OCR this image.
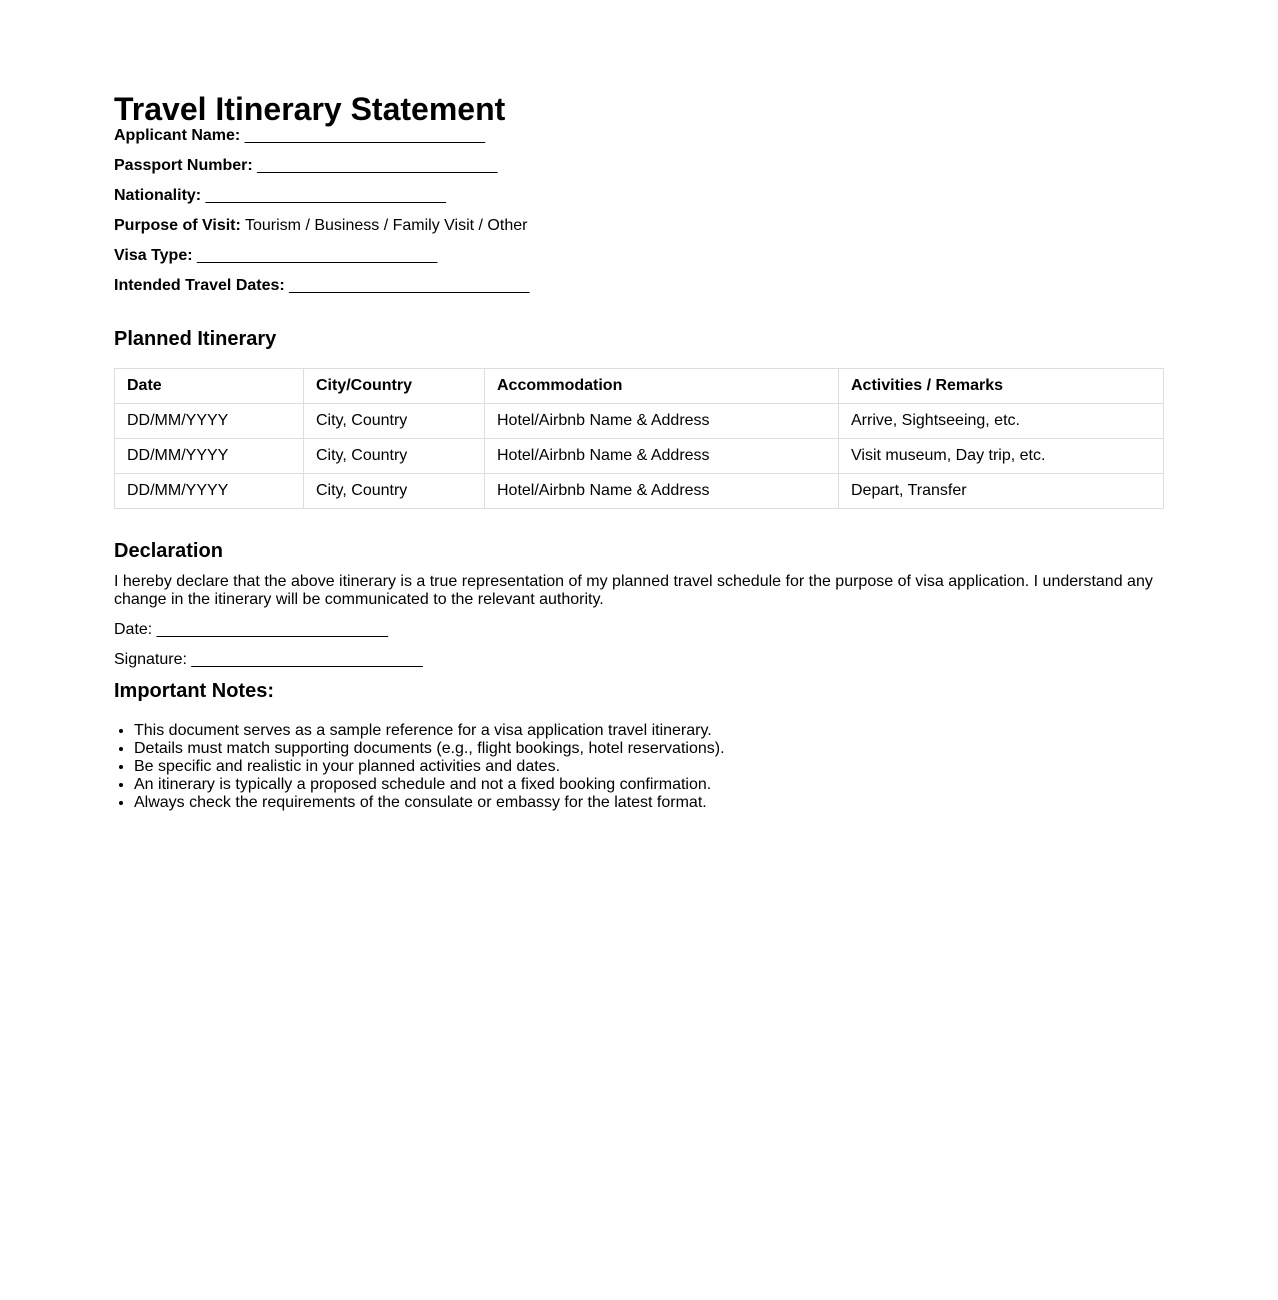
Travel Itinerary Statement
Applicant Name: ___________________________
Passport Number: ___________________________
Nationality: ___________________________
Purpose of Visit: Tourism / Business / Family Visit / Other
Visa Type: ___________________________
Intended Travel Dates: ___________________________
Planned Itinerary
Date	City/Country	Accommodation	Activities / Remarks
DD/MM/YYYY	City, Country	Hotel/Airbnb Name & Address	Arrive, Sightseeing, etc.
DD/MM/YYYY	City, Country	Hotel/Airbnb Name & Address	Visit museum, Day trip, etc.
DD/MM/YYYY	City, Country	Hotel/Airbnb Name & Address	Depart, Transfer
Declaration

I hereby declare that the above itinerary is a true representation of my planned travel schedule for the purpose of visa application. I understand any change in the itinerary will be communicated to the relevant authority.

Date: __________________________
Signature: __________________________
Important Notes:
• This document serves as a sample reference for a visa application travel itinerary.
• Details must match supporting documents (e.g., flight bookings, hotel reservations).
• Be specific and realistic in your planned activities and dates.
• An itinerary is typically a proposed schedule and not a fixed booking confirmation.
• Always check the requirements of the consulate or embassy for the latest format.
